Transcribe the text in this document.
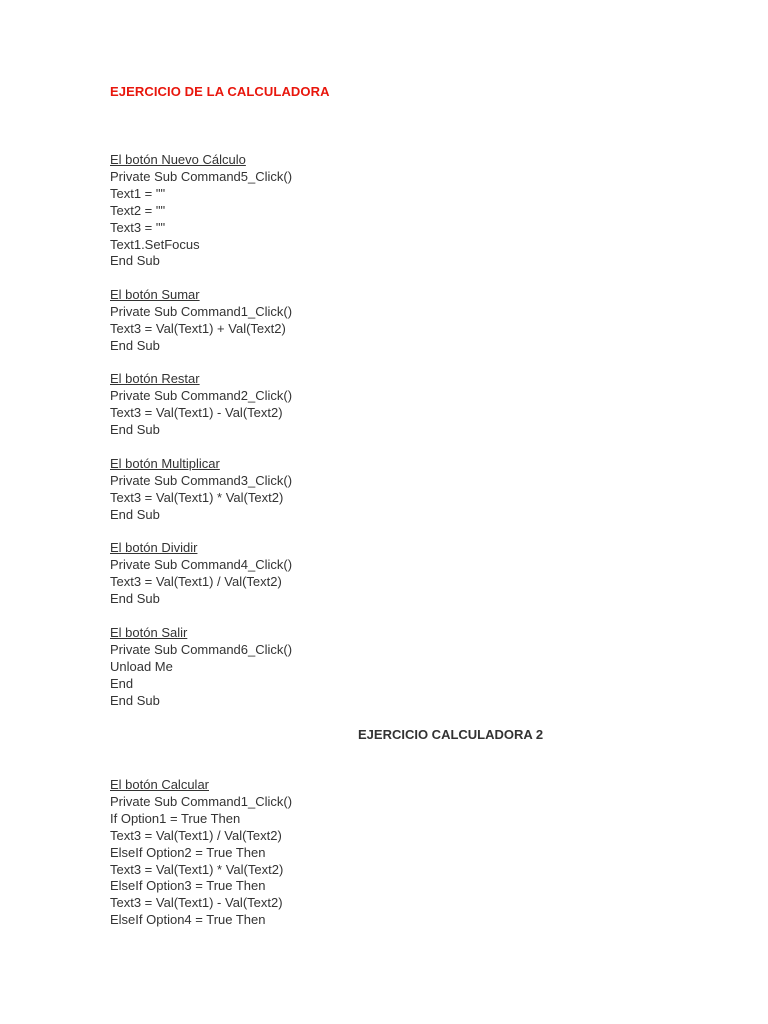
EJERCICIO DE LA CALCULADORA
El botón Nuevo Cálculo
Private Sub Command5_Click()
Text1 = ""
Text2 = ""
Text3 = ""
Text1.SetFocus
End Sub
El botón Sumar
Private Sub Command1_Click()
Text3 = Val(Text1) + Val(Text2)
End Sub
El botón Restar
Private Sub Command2_Click()
Text3 = Val(Text1) - Val(Text2)
End Sub
El botón Multiplicar
Private Sub Command3_Click()
Text3 = Val(Text1) * Val(Text2)
End Sub
El botón Dividir
Private Sub Command4_Click()
Text3 = Val(Text1) / Val(Text2)
End Sub
El botón Salir
Private Sub Command6_Click()
Unload Me
End
End Sub
EJERCICIO CALCULADORA 2
El botón Calcular
Private Sub Command1_Click()
If Option1 = True Then
Text3 = Val(Text1) / Val(Text2)
ElseIf Option2 = True Then
Text3 = Val(Text1) * Val(Text2)
ElseIf Option3 = True Then
Text3 = Val(Text1) - Val(Text2)
ElseIf Option4 = True Then
